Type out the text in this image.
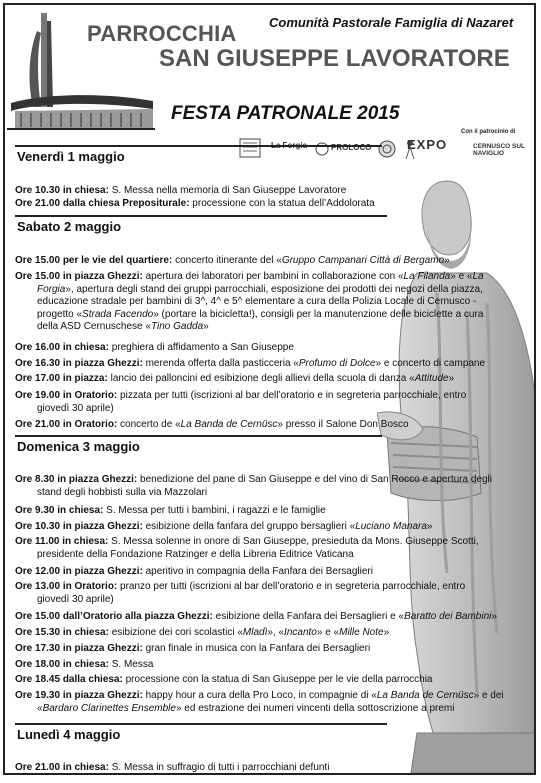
PARROCCHIA
SAN GIUSEPPE LAVORATORE
Comunità Pastorale Famiglia di Nazaret
FESTA PATRONALE 2015
La Forgia	PROLOCO	EXPO
Con il patrocinio di
CERNUSCO SUL NAVIGLIO
Venerdì 1 maggio
Ore 10.30 in chiesa: S. Messa nella memoria di San Giuseppe Lavoratore
Ore 21.00 dalla chiesa Prepositurale: processione con la statua dell’Addolorata
Sabato 2 maggio
Ore 15.00 per le vie del quartiere: concerto itinerante del «Gruppo Campanari Città di Bergamo»
Ore 15.00 in piazza Ghezzi: apertura dei laboratori per bambini in collaborazione con «La Filanda» e «La
Forgia», apertura degli stand dei gruppi parrocchiali, esposizione dei prodotti dei negozi della piazza,
educazione stradale per bambini di 3^, 4^ e 5^ elementare a cura della Polizia Locale di Cernusco -
progetto «Strada Facendo» (portare la bicicletta!), consigli per la manutenzione delle biciclette a cura
della ASD Cernuschese «Tino Gadda»
Ore 16.00 in chiesa: preghiera di affidamento a San Giuseppe
Ore 16.30 in piazza Ghezzi: merenda offerta dalla pasticceria «Profumo di Dolce» e concerto di campane
Ore 17.00 in piazza: lancio dei palloncini ed esibizione degli allievi della scuola di danza «Attitude»
Ore 19.00 in Oratorio: pizzata per tutti (iscrizioni al bar dell’oratorio e in segreteria parrocchiale, entro
giovedì 30 aprile)
Ore 21.00 in Oratorio: concerto de «La Banda de Cernüsc» presso il Salone Don Bosco
Domenica 3 maggio
Ore 8.30 in piazza Ghezzi: benedizione del pane di San Giuseppe e del vino di San Rocco e apertura degli
stand degli hobbisti sulla via Mazzolari
Ore 9.30 in chiesa: S. Messa per tutti i bambini, i ragazzi e le famiglie
Ore 10.30 in piazza Ghezzi: esibizione della fanfara del gruppo bersaglieri «Luciano Manara»
Ore 11.00 in chiesa: S. Messa solenne in onore di San Giuseppe, presieduta da Mons. Giuseppe Scotti,
presidente della Fondazione Ratzinger e della Libreria Editrice Vaticana
Ore 12.00 in piazza Ghezzi: aperitivo in compagnia della Fanfara dei Bersaglieri
Ore 13.00 in Oratorio: pranzo per tutti (iscrizioni al bar dell’oratorio e in segreteria parrocchiale, entro
giovedì 30 aprile)
Ore 15.00 dall’Oratorio alla piazza Ghezzi: esibizione della Fanfara dei Bersaglieri e «Baratto dei Bambini»
Ore 15.30 in chiesa: esibizione dei cori scolastici «Mladì», «Incanto» e «Mille Note»
Ore 17.30 in piazza Ghezzi: gran finale in musica con la Fanfara dei Bersaglieri
Ore 18.00 in chiesa: S. Messa
Ore 18.45 dalla chiesa: processione con la statua di San Giuseppe per le vie della parrocchia
Ore 19.30 in piazza Ghezzi: happy hour a cura della Pro Loco, in compagnie di «La Banda de Cernüsc» e dei
«Bardaro Clarinettes Ensemble» ed estrazione dei numeri vincenti della sottoscrizione a premi
Lunedì 4 maggio
Ore 21.00 in chiesa: S. Messa in suffragio di tutti i parrocchiani defunti
